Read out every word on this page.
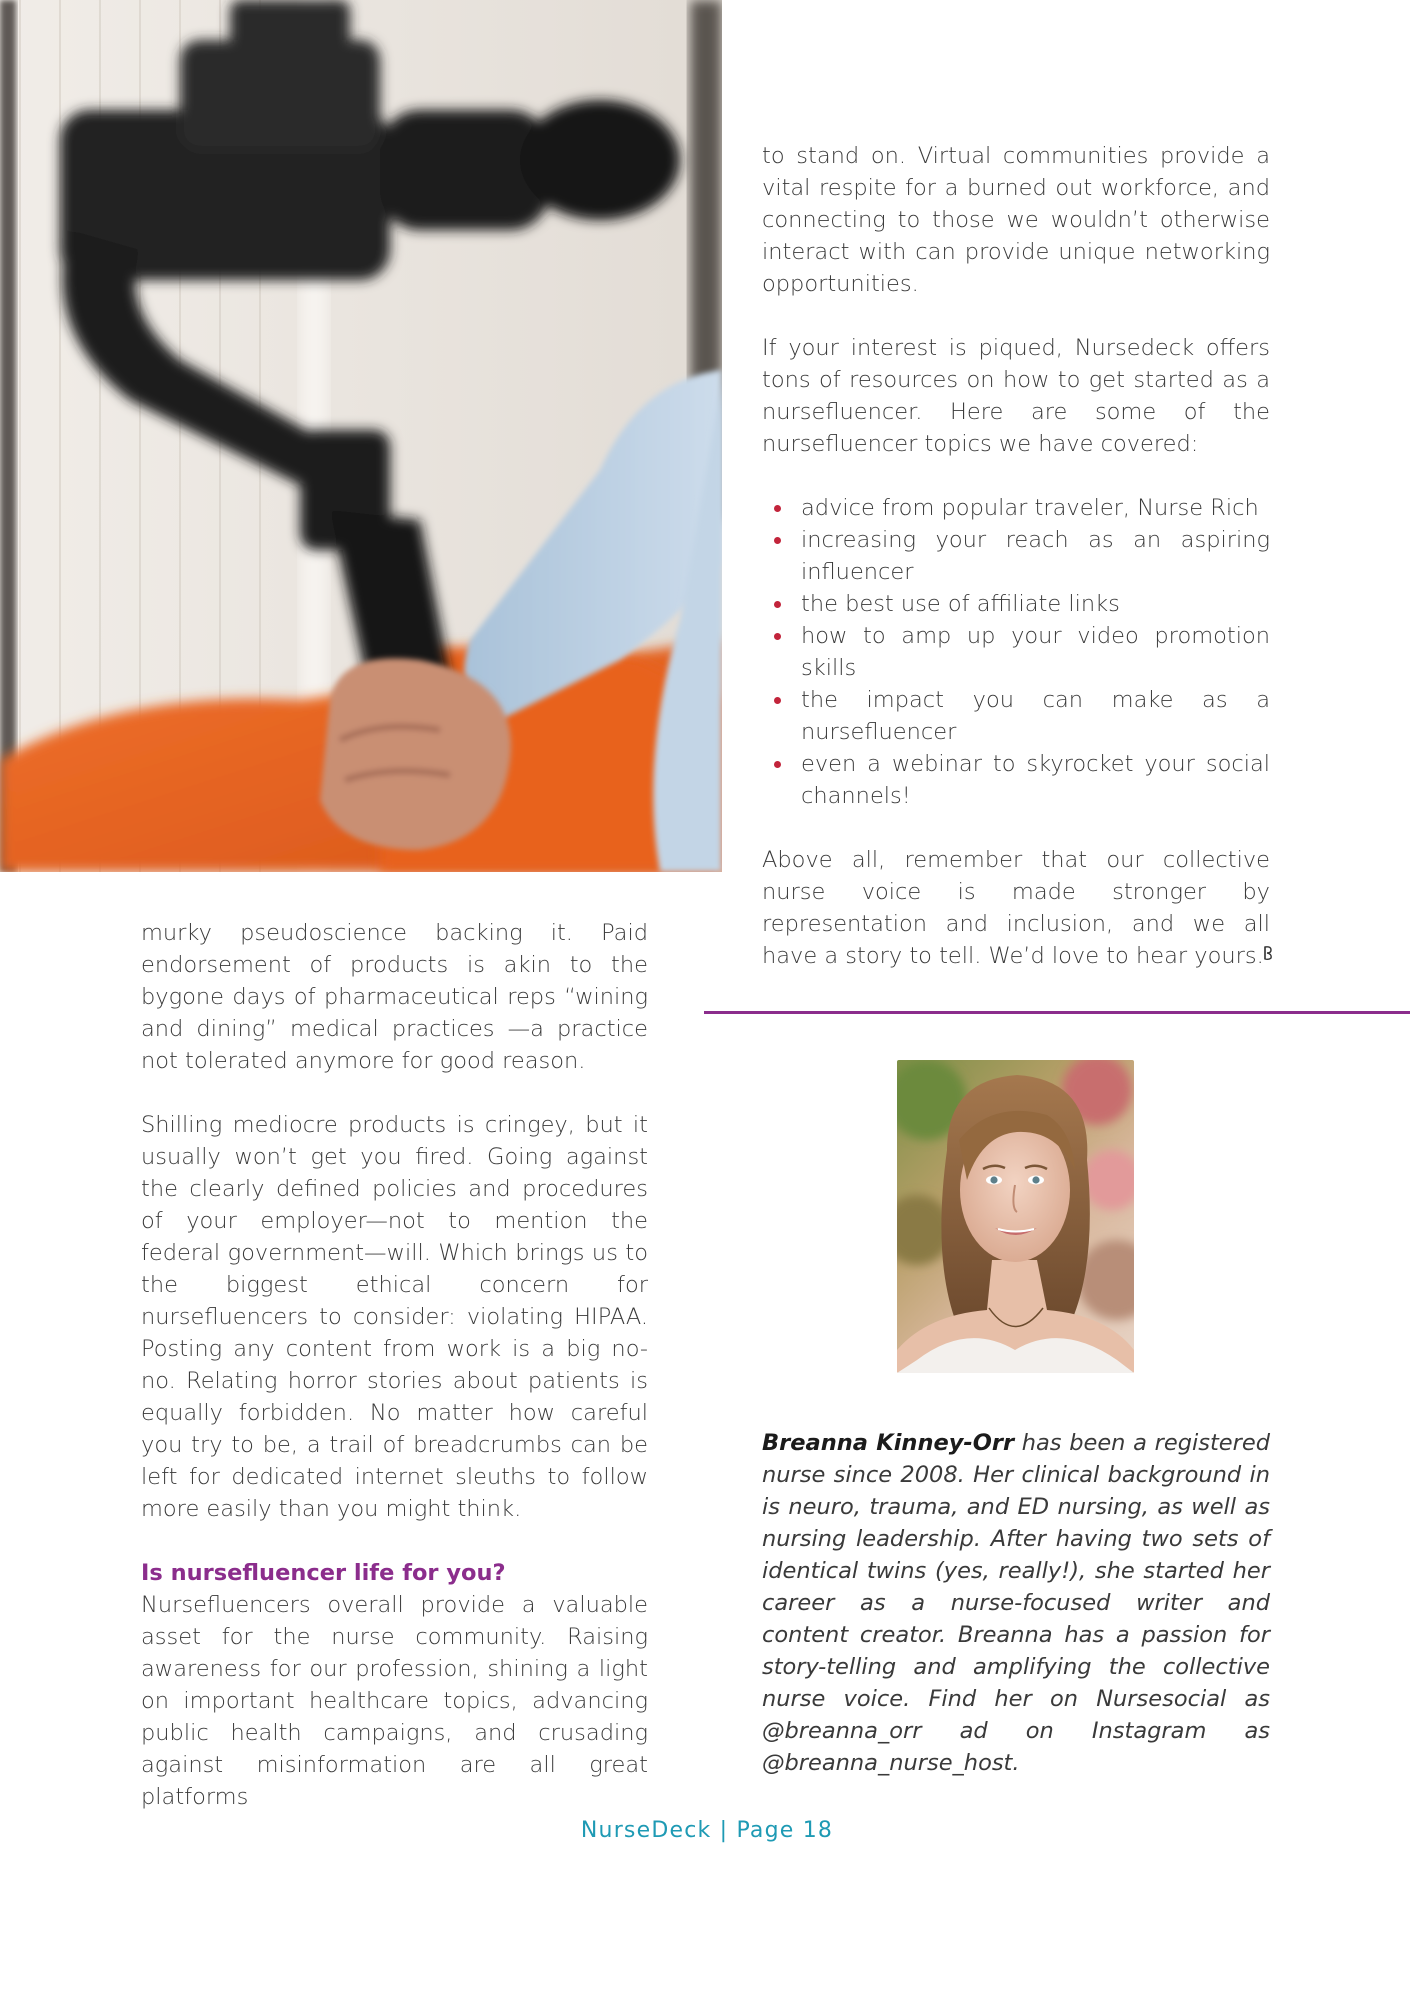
murky pseudoscience backing it. Paid endorsement of products is akin to the bygone days of pharmaceutical reps “wining and dining” medical practices —a practice not tolerated anymore for good reason.

Shilling mediocre products is cringey, but it usually won’t get you fired. Going against the clearly defined policies and procedures of your employer—not to mention the federal government—will. Which brings us to the biggest ethical concern for nursefluencers to consider: violating HIPAA. Posting any content from work is a big no-no. Relating horror stories about patients is equally forbidden. No matter how careful you try to be, a trail of breadcrumbs can be left for dedicated internet sleuths to follow more easily than you might think.

Is nursefluencer life for you?

Nursefluencers overall provide a valuable asset for the nurse community. Raising awareness for our profession, shining a light on important healthcare topics, advancing public health campaigns, and crusading against misinformation are all great platforms

to stand on. Virtual communities provide a vital respite for a burned out workforce, and connecting to those we wouldn’t otherwise interact with can provide unique networking opportunities.

If your interest is piqued, Nursedeck offers tons of resources on how to get started as a nursefluencer. Here are some of the nursefluencer topics we have covered:

advice from popular traveler, Nurse Rich
increasing your reach as an aspiring influencer
the best use of affiliate links
how to amp up your video promotion skills
the impact you can make as a nursefluencer
even a webinar to skyrocket your social channels!

Above all, remember that our collective nurse voice is made stronger by representation and inclusion, and we all have a story to tell. We’d love to hear yours.

Breanna Kinney-Orr has been a registered nurse since 2008. Her clinical background in is neuro, trauma, and ED nursing, as well as nursing leadership. After having two sets of identical twins (yes, really!), she started her career as a nurse-focused writer and content creator. Breanna has a passion for story-telling and amplifying the collective nurse voice. Find her on Nursesocial as @breanna_orr ad on Instagram as @breanna_nurse_host.
NurseDeck | Page 18
